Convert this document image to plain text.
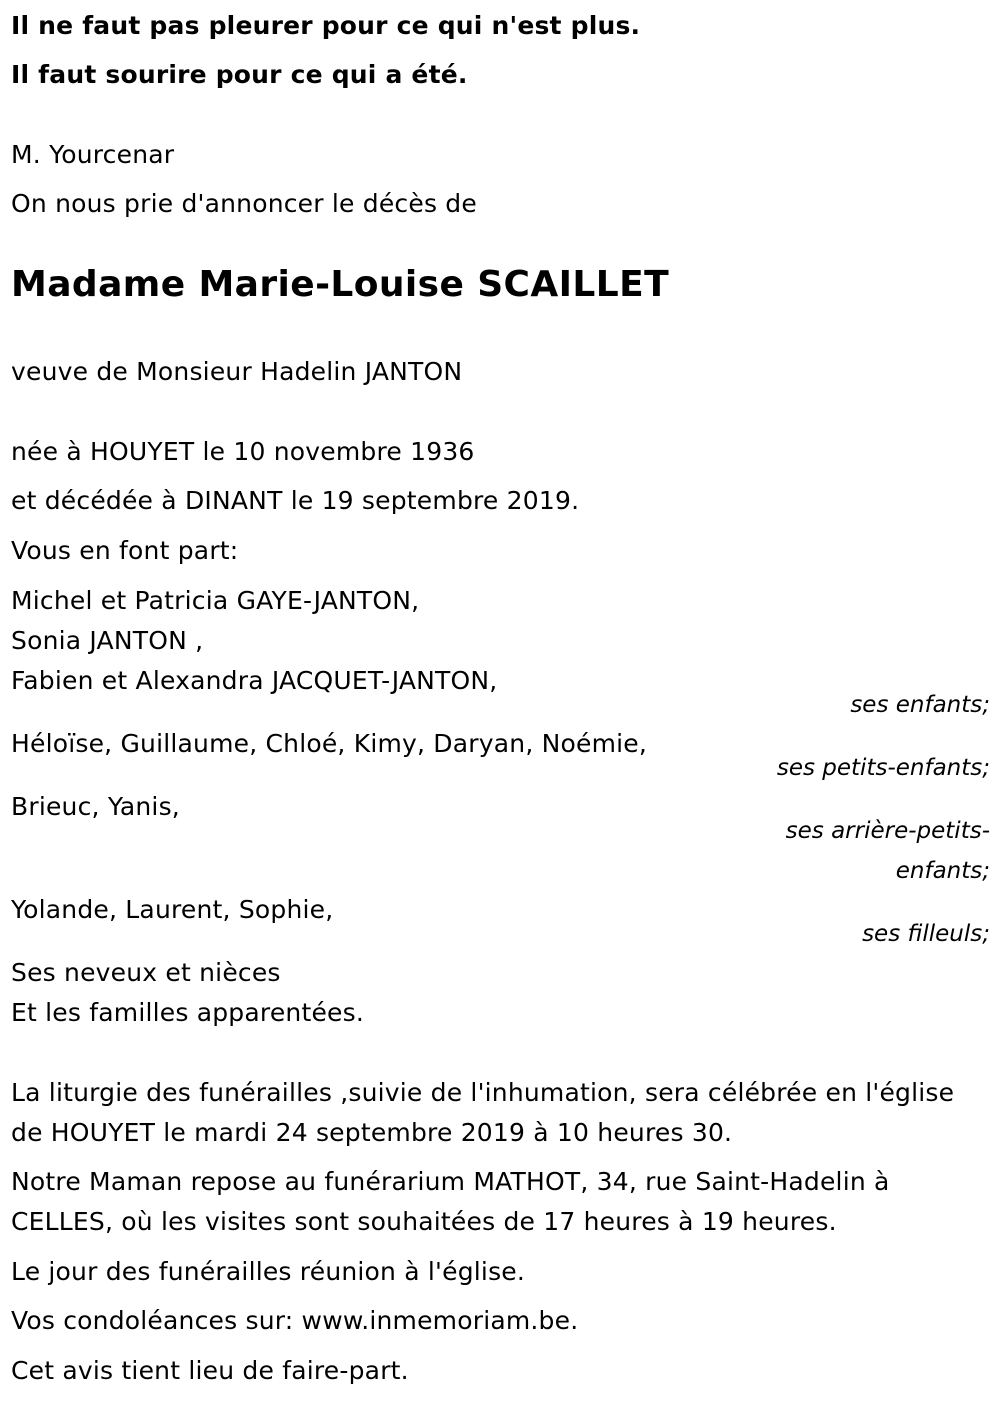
Il ne faut pas pleurer pour ce qui n'est plus.

Il faut sourire pour ce qui a été.

M. Yourcenar

On nous prie d'annoncer le décès de

Madame Marie-Louise SCAILLET

veuve de Monsieur Hadelin JANTON

née à HOUYET le 10 novembre 1936

et décédée à DINANT le 19 septembre 2019.

Vous en font part:

Michel et Patricia GAYE-JANTON,

Sonia JANTON ,

Fabien et Alexandra JACQUET-JANTON,

ses enfants;

Héloïse, Guillaume, Chloé, Kimy, Daryan, Noémie,

ses petits-enfants;

Brieuc, Yanis,

ses arrière-petits-

enfants;

Yolande, Laurent, Sophie,

ses filleuls;

Ses neveux et nièces

Et les familles apparentées.

La liturgie des funérailles ,suivie de l'inhumation, sera célébrée en l'église

de HOUYET le mardi 24 septembre 2019 à 10 heures 30.

Notre Maman repose au funérarium MATHOT, 34, rue Saint-Hadelin à

CELLES, où les visites sont souhaitées de 17 heures à 19 heures.

Le jour des funérailles réunion à l'église.

Vos condoléances sur: www.inmemoriam.be.

Cet avis tient lieu de faire-part.
